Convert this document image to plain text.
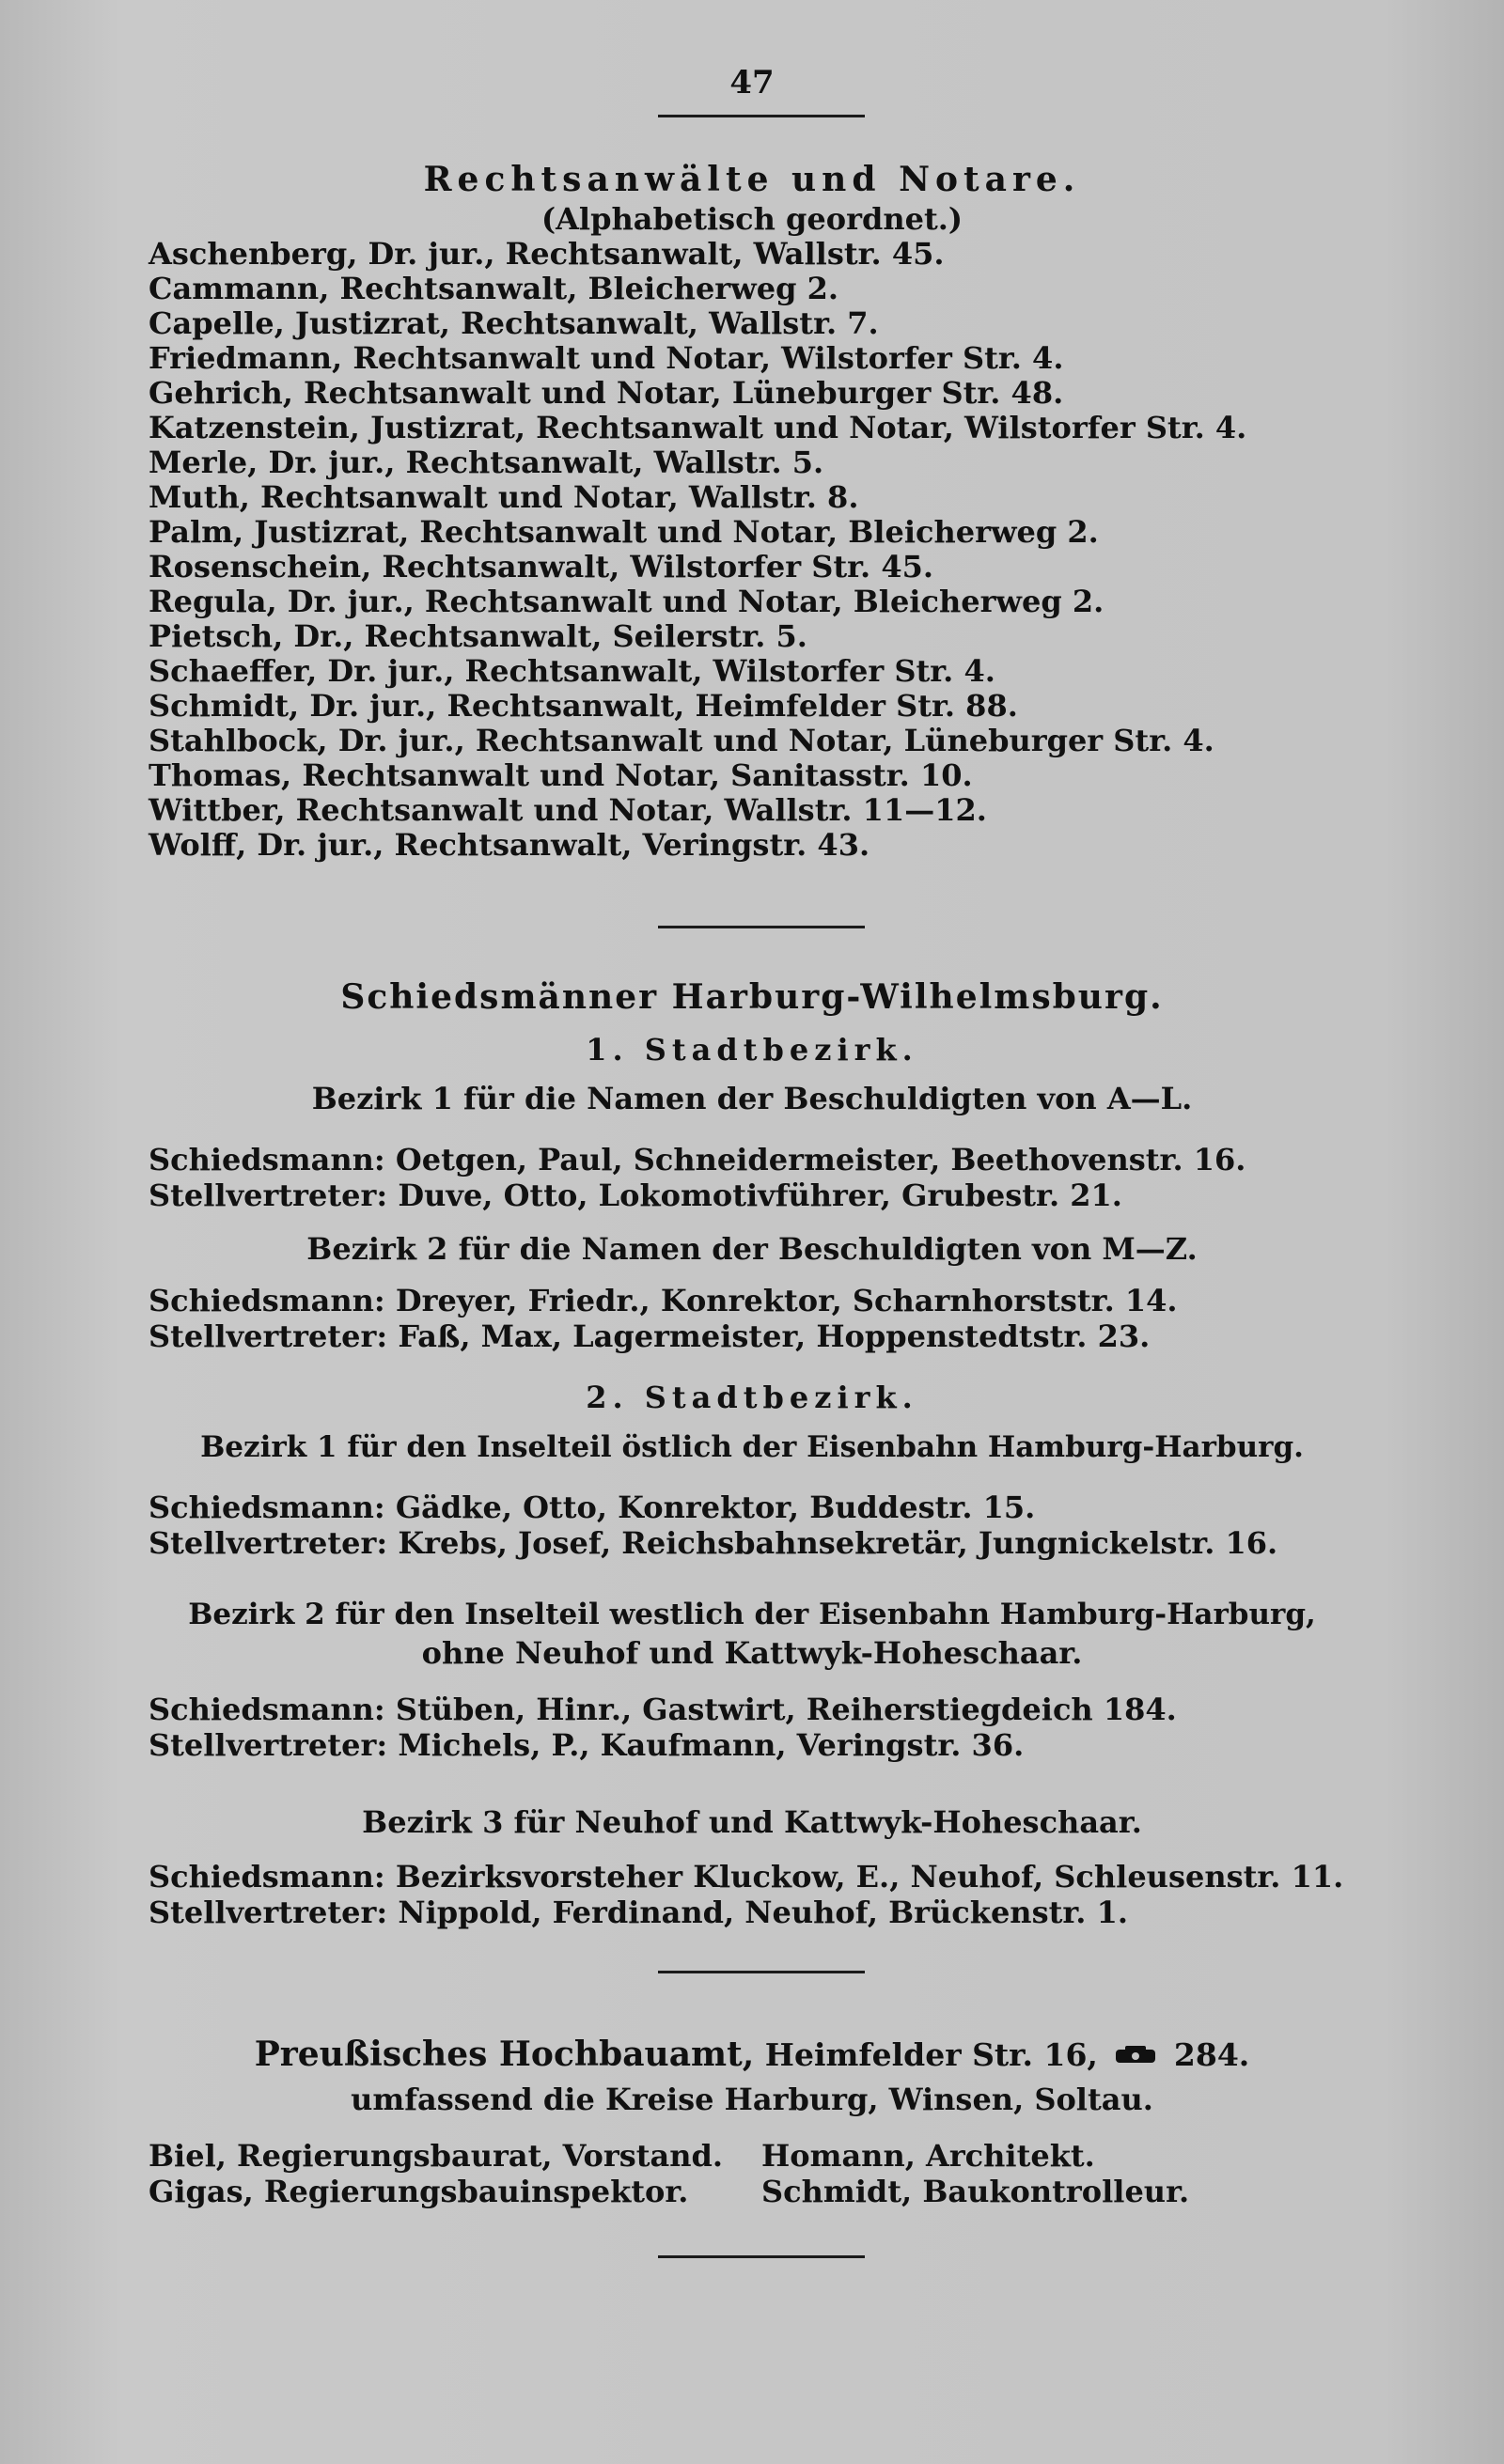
47
Rechtsanwälte und Notare.
(Alphabetisch geordnet.)
Aschenberg, Dr. jur., Rechtsanwalt, Wallstr. 45.
Cammann, Rechtsanwalt, Bleicherweg 2.
Capelle, Justizrat, Rechtsanwalt, Wallstr. 7.
Friedmann, Rechtsanwalt und Notar, Wilstorfer Str. 4.
Gehrich, Rechtsanwalt und Notar, Lüneburger Str. 48.
Katzenstein, Justizrat, Rechtsanwalt und Notar, Wilstorfer Str. 4.
Merle, Dr. jur., Rechtsanwalt, Wallstr. 5.
Muth, Rechtsanwalt und Notar, Wallstr. 8.
Palm, Justizrat, Rechtsanwalt und Notar, Bleicherweg 2.
Rosenschein, Rechtsanwalt, Wilstorfer Str. 45.
Regula, Dr. jur., Rechtsanwalt und Notar, Bleicherweg 2.
Pietsch, Dr., Rechtsanwalt, Seilerstr. 5.
Schaeffer, Dr. jur., Rechtsanwalt, Wilstorfer Str. 4.
Schmidt, Dr. jur., Rechtsanwalt, Heimfelder Str. 88.
Stahlbock, Dr. jur., Rechtsanwalt und Notar, Lüneburger Str. 4.
Thomas, Rechtsanwalt und Notar, Sanitasstr. 10.
Wittber, Rechtsanwalt und Notar, Wallstr. 11—12.
Wolff, Dr. jur., Rechtsanwalt, Veringstr. 43.
Schiedsmänner Harburg-Wilhelmsburg.
1. Stadtbezirk.
Bezirk 1 für die Namen der Beschuldigten von A—L.
Schiedsmann: Oetgen, Paul, Schneidermeister, Beethovenstr. 16.
Stellvertreter: Duve, Otto, Lokomotivführer, Grubestr. 21.
Bezirk 2 für die Namen der Beschuldigten von M—Z.
Schiedsmann: Dreyer, Friedr., Konrektor, Scharnhorststr. 14.
Stellvertreter: Faß, Max, Lagermeister, Hoppenstedtstr. 23.
2. Stadtbezirk.
Bezirk 1 für den Inselteil östlich der Eisenbahn Hamburg-Harburg.
Schiedsmann: Gädke, Otto, Konrektor, Buddestr. 15.
Stellvertreter: Krebs, Josef, Reichsbahnsekretär, Jungnickelstr. 16.
Bezirk 2 für den Inselteil westlich der Eisenbahn Hamburg-Harburg,
ohne Neuhof und Kattwyk-Hoheschaar.
Schiedsmann: Stüben, Hinr., Gastwirt, Reiherstiegdeich 184.
Stellvertreter: Michels, P., Kaufmann, Veringstr. 36.
Bezirk 3 für Neuhof und Kattwyk-Hoheschaar.
Schiedsmann: Bezirksvorsteher Kluckow, E., Neuhof, Schleusenstr. 11.
Stellvertreter: Nippold, Ferdinand, Neuhof, Brückenstr. 1.
Preußisches Hochbauamt, Heimfelder Str. 16, 284.
umfassend die Kreise Harburg, Winsen, Soltau.
Biel, Regierungsbaurat, Vorstand.
Gigas, Regierungsbauinspektor.
Homann, Architekt.
Schmidt, Baukontrolleur.
